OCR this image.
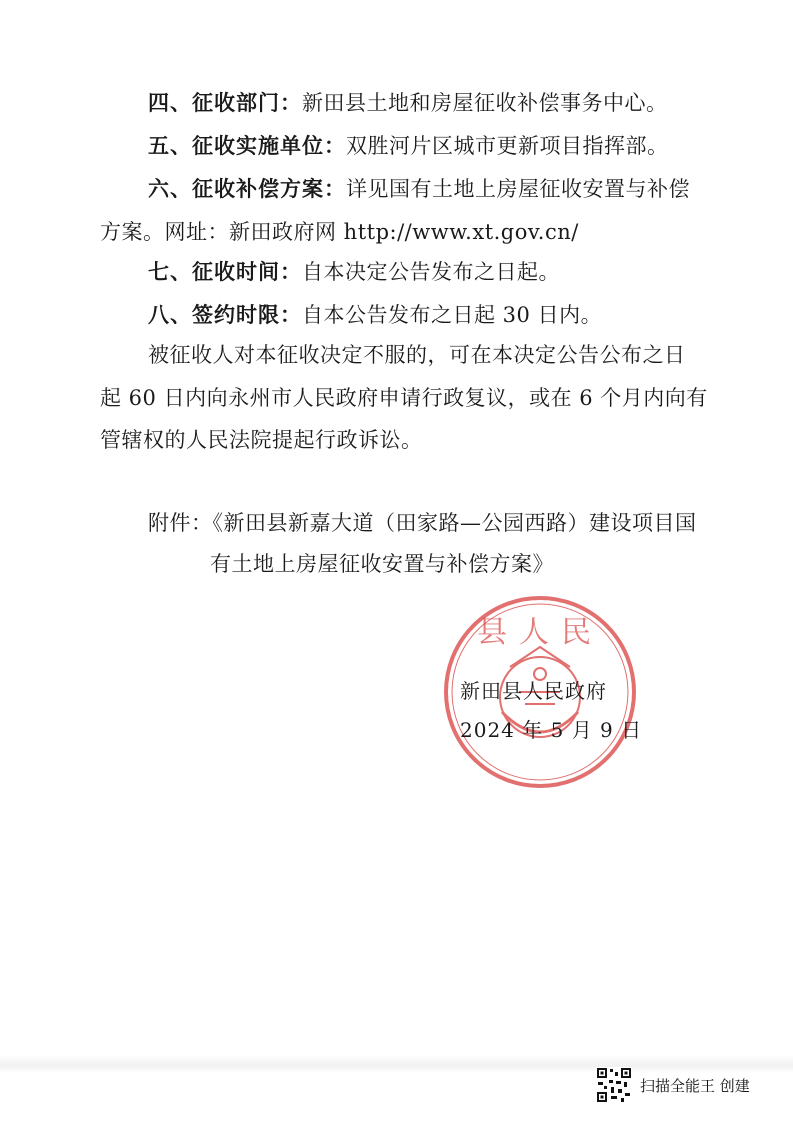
四、征收部门：新田县土地和房屋征收补偿事务中心。
五、征收实施单位：双胜河片区城市更新项目指挥部。
六、征收补偿方案：详见国有土地上房屋征收安置与补偿
方案。网址：新田政府网 http://www.xt.gov.cn/
七、征收时间：自本决定公告发布之日起。
八、签约时限：自本公告发布之日起 30 日内。
被征收人对本征收决定不服的，可在本决定公告公布之日
起 60 日内向永州市人民政府申请行政复议，或在 6 个月内向有
管辖权的人民法院提起行政诉讼。
附件：《新田县新嘉大道（田家路—公园西路）建设项目国
有土地上房屋征收安置与补偿方案》
县人民
新田县人民政府
2024 年 5 月 9 日
扫描全能王 创建
